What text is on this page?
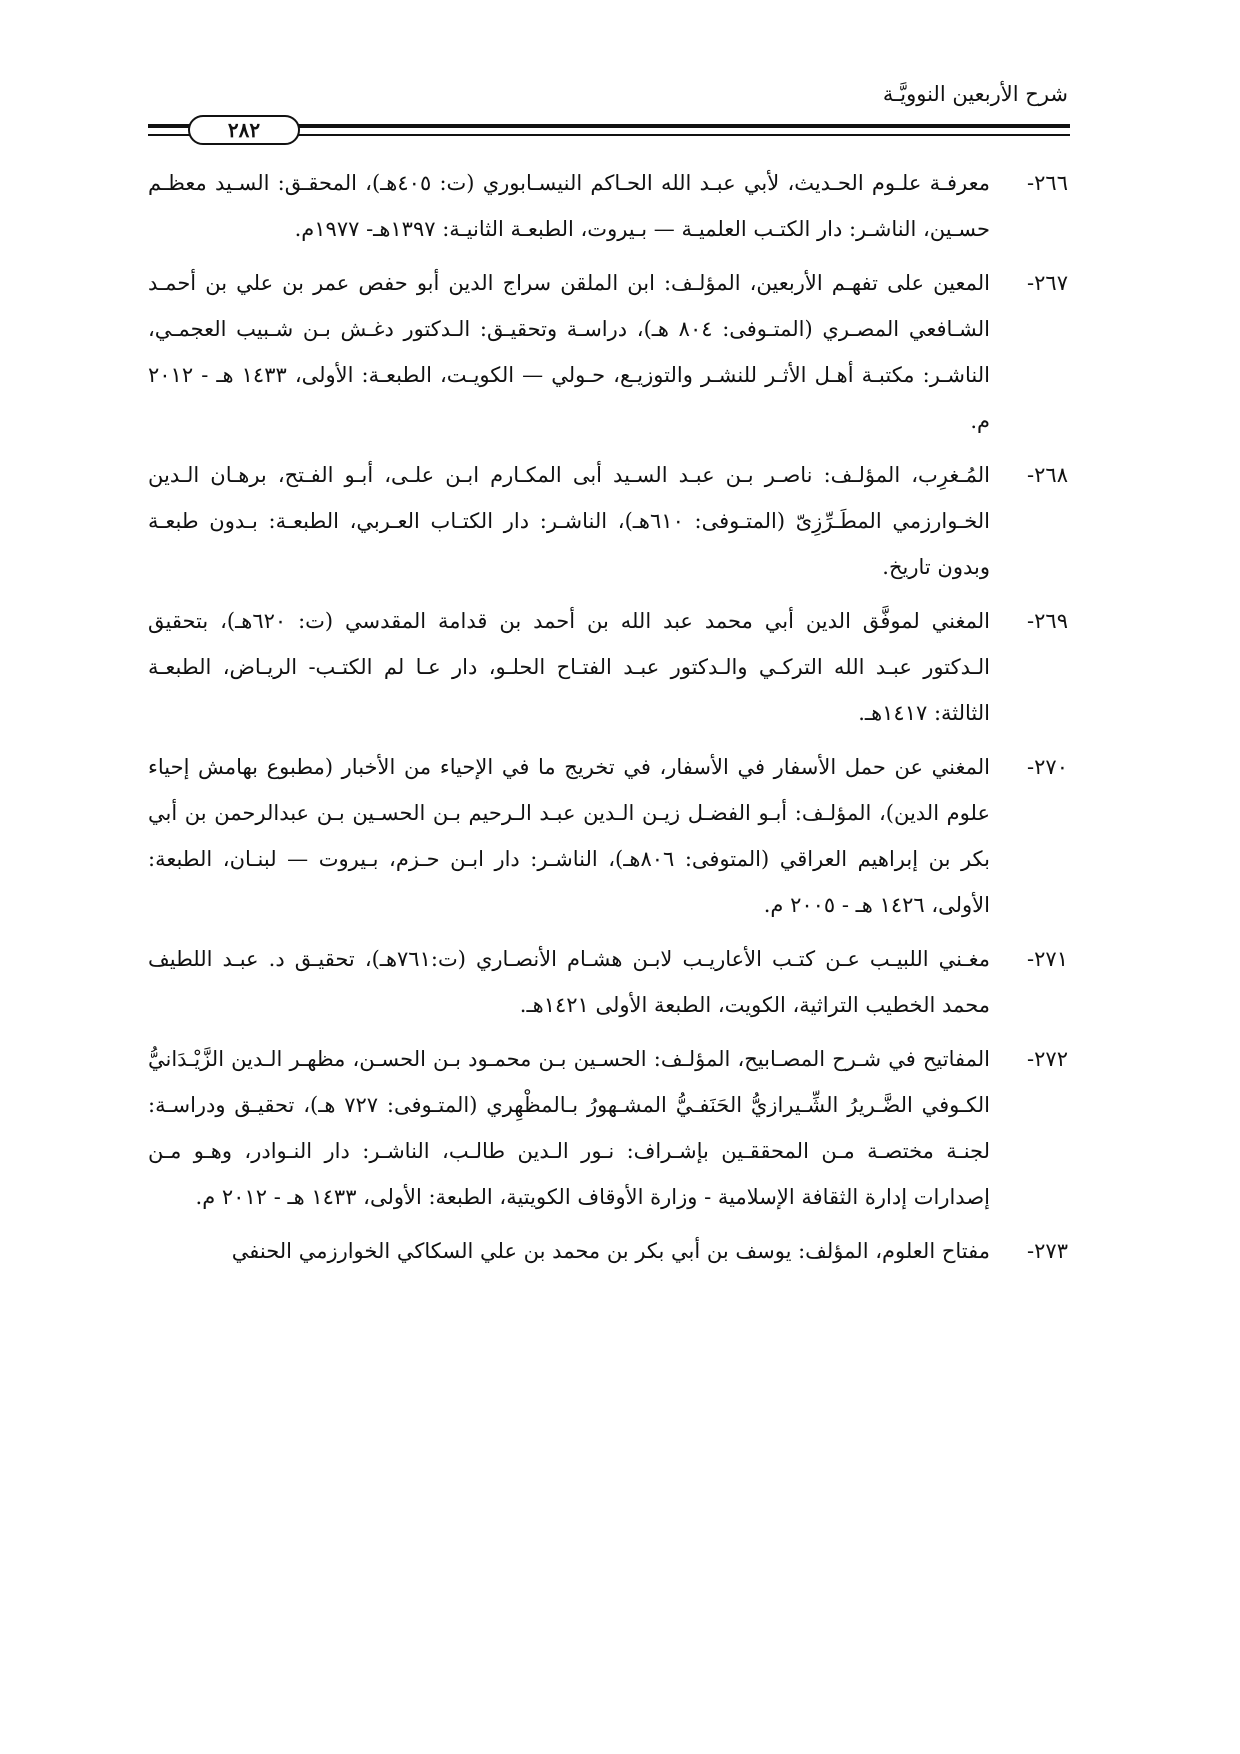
شرح الأربعين النوويَّـة
٢٨٢
٢٦٦-
معرفـة علـوم الحـديث، لأبي عبـد الله الحـاكم النيسـابوري (ت: ٤٠٥هـ)، المحقـق: السـيد معظـم حسـين، الناشـر: دار الكتـب العلميـة — بـيروت، الطبعـة الثانيـة: ١٣٩٧هـ- ١٩٧٧م.
٢٦٧-
المعين على تفهـم الأربعين، المؤلـف: ابن الملقن سراج الدين أبو حفص عمر بن علي بن أحمـد الشـافعي المصـري (المتـوفى: ٨٠٤ هـ)، دراسـة وتحقيـق: الـدكتور دغـش بـن شـبيب العجمـي، الناشـر: مكتبـة أهـل الأثـر للنشـر والتوزيـع، حـولي — الكويـت، الطبعـة: الأولى، ١٤٣٣ هـ - ٢٠١٢ م.
٢٦٨-
المُـغرِب، المؤلـف: ناصـر بـن عبـد السـيد أبى المكـارم ابـن علـى، أبـو الفـتح، برهـان الـدين الخـوارزمي المطَـرِّزِىّ (المتـوفى: ٦١٠هـ)، الناشـر: دار الكتـاب العـربي، الطبعـة: بـدون طبعـة وبدون تاريخ.
٢٦٩-
المغني لموفَّق الدين أبي محمد عبد الله بن أحمد بن قدامة المقدسي (ت: ٦٢٠هـ)، بتحقيق الـدكتور عبـد الله التركـي والـدكتور عبـد الفتـاح الحلـو، دار عـا لم الكتـب- الريـاض، الطبعـة الثالثة: ١٤١٧هـ.
٢٧٠-
المغني عن حمل الأسفار في الأسفار، في تخريج ما في الإحياء من الأخبار (مطبوع بهامش إحياء علوم الدين)، المؤلـف: أبـو الفضـل زيـن الـدين عبـد الـرحيم بـن الحسـين بـن عبدالرحمن بن أبي بكر بن إبراهيم العراقي (المتوفى: ٨٠٦هـ)، الناشـر: دار ابـن حـزم، بـيروت — لبنـان، الطبعة: الأولى، ١٤٢٦ هـ - ٢٠٠٥ م.
٢٧١-
مغـني اللبيـب عـن كتـب الأعاريـب لابـن هشـام الأنصـاري (ت:٧٦١هـ)، تحقيـق د. عبـد اللطيف محمد الخطيب التراثية، الكويت، الطبعة الأولى ١٤٢١هـ.
٢٧٢-
المفاتيح في شـرح المصـابيح، المؤلـف: الحسـين بـن محمـود بـن الحسـن، مظهـر الـدين الزَّيْـدَانيُّ الكـوفي الضَّـريرُ الشِّـيرازيُّ الحَنَفـيُّ المشـهورُ بـالمظْهِري (المتـوفى: ٧٢٧ هـ)، تحقيـق ودراسـة: لجنـة مختصـة مـن المحققـين بإشـراف: نـور الـدين طالـب، الناشـر: دار النـوادر، وهـو مـن إصدارات إدارة الثقافة الإسلامية - وزارة الأوقاف الكويتية، الطبعة: الأولى، ١٤٣٣ هـ - ٢٠١٢ م.
٢٧٣-
مفتاح العلوم، المؤلف: يوسف بن أبي بكر بن محمد بن علي السكاكي الخوارزمي الحنفي
